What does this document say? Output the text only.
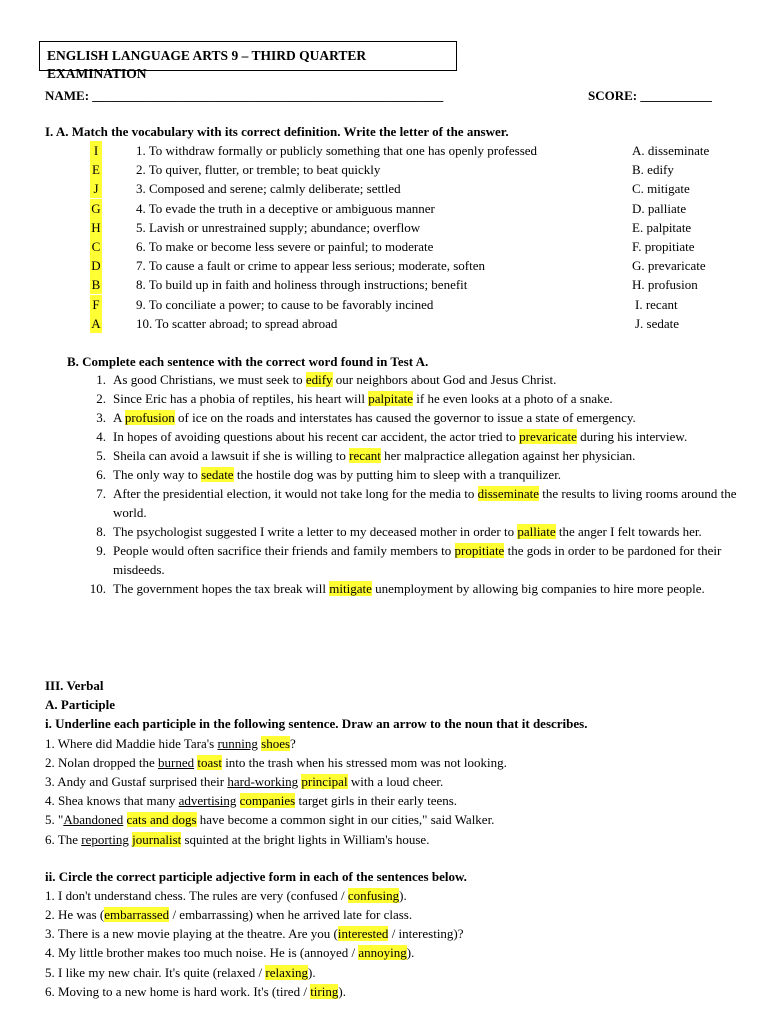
ENGLISH LANGUAGE ARTS 9 – THIRD QUARTER EXAMINATION
NAME: ______________________________________________________	SCORE: ___________
I. A. Match the vocabulary with its correct definition. Write the letter of the answer.
I	1. To withdraw formally or publicly something that one has openly professed	A. disseminate
E	2. To quiver, flutter, or tremble; to beat quickly	B. edify
J	3. Composed and serene; calmly deliberate; settled	C. mitigate
G	4. To evade the truth in a deceptive or ambiguous manner	D. palliate
H	5. Lavish or unrestrained supply; abundance; overflow	E. palpitate
C	6. To make or become less severe or painful; to moderate	F. propitiate
D	7. To cause a fault or crime to appear less serious; moderate, soften	G. prevaricate
B	8. To build up in faith and holiness through instructions; benefit	H. profusion
F	9. To conciliate a power; to cause to be favorably incined	I. recant
A	10. To scatter abroad; to spread abroad	J. sedate
B. Complete each sentence with the correct word found in Test A.
1. As good Christians, we must seek to edify our neighbors about God and Jesus Christ.
2. Since Eric has a phobia of reptiles, his heart will palpitate if he even looks at a photo of a snake.
3. A profusion of ice on the roads and interstates has caused the governor to issue a state of emergency.
4. In hopes of avoiding questions about his recent car accident, the actor tried to prevaricate during his interview.
5. Sheila can avoid a lawsuit if she is willing to recant her malpractice allegation against her physician.
6. The only way to sedate the hostile dog was by putting him to sleep with a tranquilizer.
7. After the presidential election, it would not take long for the media to disseminate the results to living rooms around the world.
8. The psychologist suggested I write a letter to my deceased mother in order to palliate the anger I felt towards her.
9. People would often sacrifice their friends and family members to propitiate the gods in order to be pardoned for their misdeeds.
10. The government hopes the tax break will mitigate unemployment by allowing big companies to hire more people.
III. Verbal
A. Participle
i. Underline each participle in the following sentence. Draw an arrow to the noun that it describes.
1. Where did Maddie hide Tara's running shoes?
2. Nolan dropped the burned toast into the trash when his stressed mom was not looking.
3. Andy and Gustaf surprised their hard-working principal with a loud cheer.
4. Shea knows that many advertising companies target girls in their early teens.
5. "Abandoned cats and dogs have become a common sight in our cities," said Walker.
6. The reporting journalist squinted at the bright lights in William's house.
ii. Circle the correct participle adjective form in each of the sentences below.
1. I don't understand chess. The rules are very (confused / confusing).
2. He was (embarrassed / embarrassing) when he arrived late for class.
3. There is a new movie playing at the theatre. Are you (interested / interesting)?
4. My little brother makes too much noise. He is (annoyed / annoying).
5. I like my new chair. It's quite (relaxed / relaxing).
6. Moving to a new home is hard work. It's (tired / tiring).
